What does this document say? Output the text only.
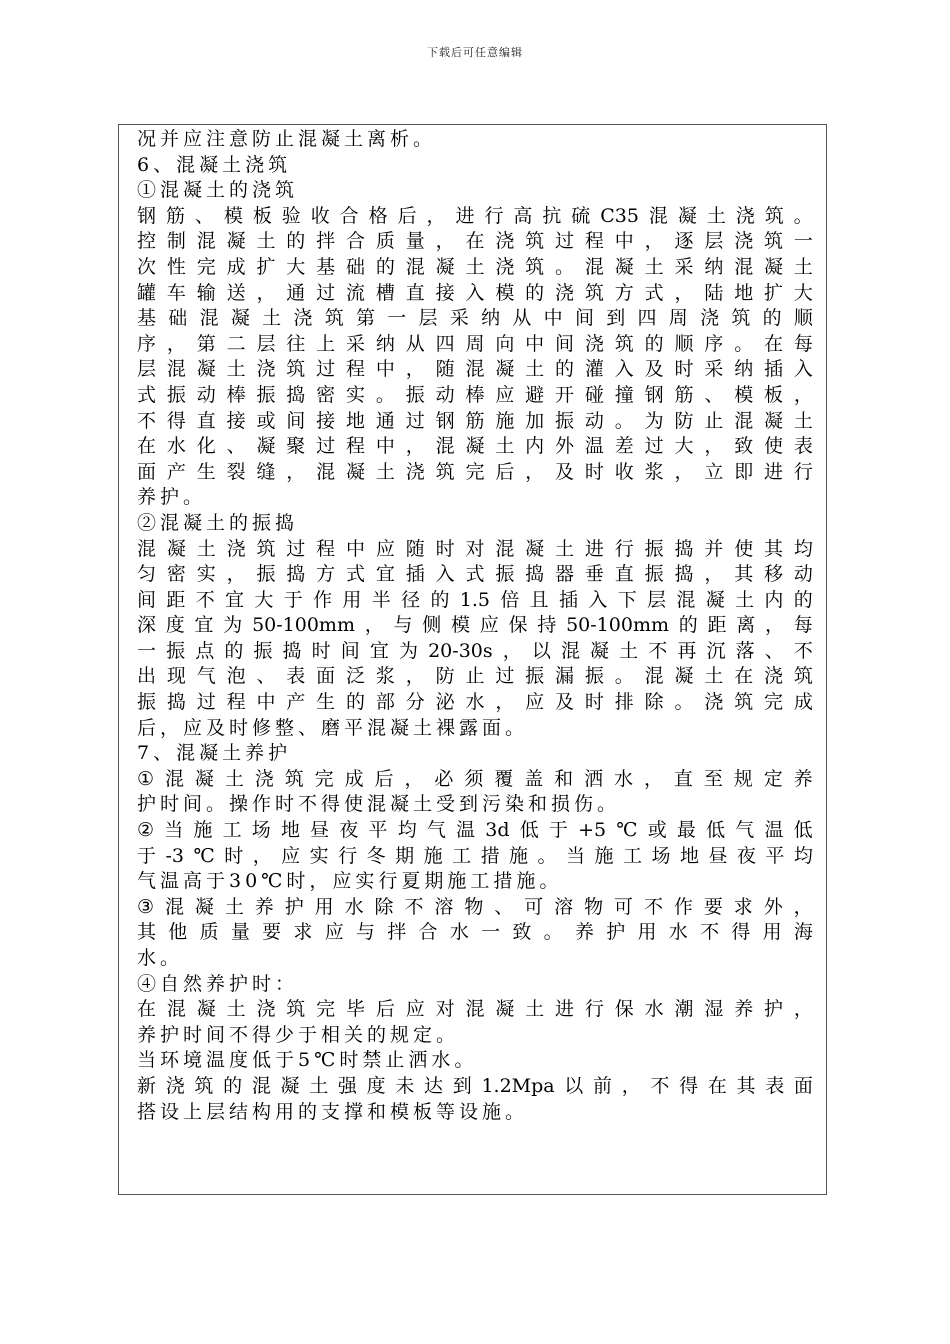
下载后可任意编辑
况并应注意防止混凝土离析。
6、混凝土浇筑
①混凝土的浇筑
钢 筋 、 模 板 验 收 合 格 后 ， 进 行 高 抗 硫 C35 混 凝 土 浇 筑 。
控 制 混 凝 土 的 拌 合 质 量 ， 在 浇 筑 过 程 中 ， 逐 层 浇 筑 一
次 性 完 成 扩 大 基 础 的 混 凝 土 浇 筑 。 混 凝 土 采 纳 混 凝 土
罐 车 输 送 ， 通 过 流 槽 直 接 入 模 的 浇 筑 方 式 ， 陆 地 扩 大
基 础 混 凝 土 浇 筑 第 一 层 采 纳 从 中 间 到 四 周 浇 筑 的 顺
序 ， 第 二 层 往 上 采 纳 从 四 周 向 中 间 浇 筑 的 顺 序 。 在 每
层 混 凝 土 浇 筑 过 程 中 ， 随 混 凝 土 的 灌 入 及 时 采 纳 插 入
式 振 动 棒 振 捣 密 实 。 振 动 棒 应 避 开 碰 撞 钢 筋 、 模 板 ，
不 得 直 接 或 间 接 地 通 过 钢 筋 施 加 振 动 。 为 防 止 混 凝 土
在 水 化 、 凝 聚 过 程 中 ， 混 凝 土 内 外 温 差 过 大 ， 致 使 表
面 产 生 裂 缝 ， 混 凝 土 浇 筑 完 后 ， 及 时 收 浆 ， 立 即 进 行
养护。
②混凝土的振捣
混 凝 土 浇 筑 过 程 中 应 随 时 对 混 凝 土 进 行 振 捣 并 使 其 均
匀 密 实 ， 振 捣 方 式 宜 插 入 式 振 捣 器 垂 直 振 捣 ， 其 移 动
间 距 不 宜 大 于 作 用 半 径 的 1.5 倍 且 插 入 下 层 混 凝 土 内 的
深 度 宜 为 50-100mm ， 与 侧 模 应 保 持 50-100mm 的 距 离 ， 每
一 振 点 的 振 捣 时 间 宜 为 20-30s ， 以 混 凝 土 不 再 沉 落 、 不
出 现 气 泡 、 表 面 泛 浆 ， 防 止 过 振 漏 振 。 混 凝 土 在 浇 筑
振 捣 过 程 中 产 生 的 部 分 泌 水 ， 应 及 时 排 除 。 浇 筑 完 成
后，应及时修整、磨平混凝土裸露面。
7、混凝土养护
① 混 凝 土 浇 筑 完 成 后 ， 必 须 覆 盖 和 洒 水 ， 直 至 规 定 养
护时间。操作时不得使混凝土受到污染和损伤。
② 当 施 工 场 地 昼 夜 平 均 气 温 3d 低 于 +5 ℃ 或 最 低 气 温 低
于 -3 ℃ 时 ， 应 实 行 冬 期 施 工 措 施 。 当 施 工 场 地 昼 夜 平 均
气温高于30℃时，应实行夏期施工措施。
③ 混 凝 土 养 护 用 水 除 不 溶 物 、 可 溶 物 可 不 作 要 求 外 ，
其 他 质 量 要 求 应 与 拌 合 水 一 致 。 养 护 用 水 不 得 用 海
水。
④自然养护时：
在 混 凝 土 浇 筑 完 毕 后 应 对 混 凝 土 进 行 保 水 潮 湿 养 护 ，
养护时间不得少于相关的规定。
当环境温度低于5℃时禁止洒水。
新 浇 筑 的 混 凝 土 强 度 未 达 到 1.2Mpa 以 前 ， 不 得 在 其 表 面
搭设上层结构用的支撑和模板等设施。
